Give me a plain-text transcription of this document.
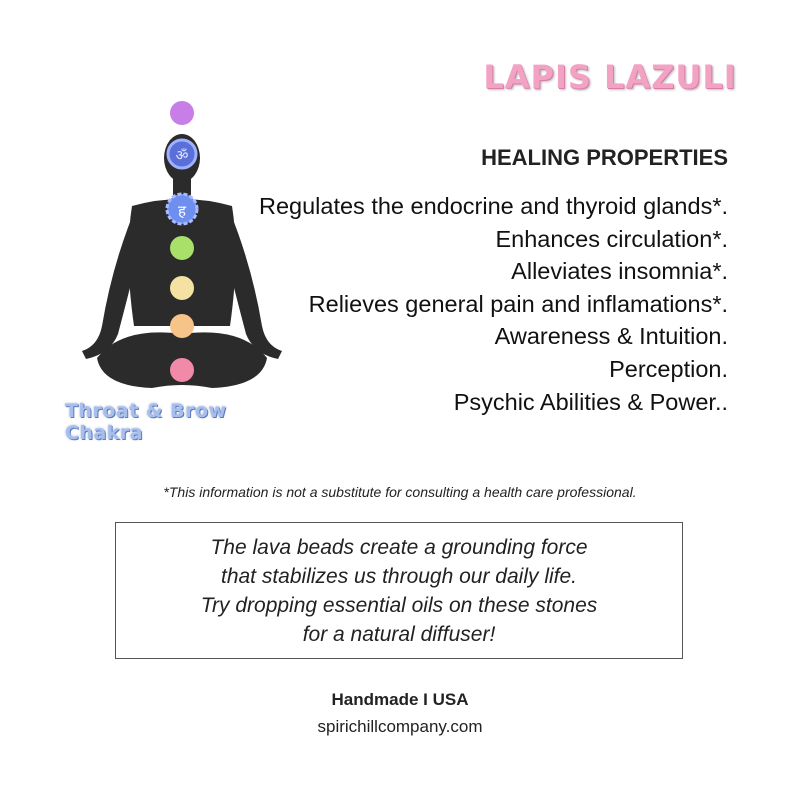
LAPIS LAZULI
ॐ
ह
Throat & Brow Chakra
HEALING PROPERTIES
Regulates the endocrine and thyroid glands*.
Enhances circulation*.
Alleviates insomnia*.
Relieves general pain and inflamations*.
Awareness & Intuition.
Perception.
Psychic Abilities & Power..
*This information is not a substitute for consulting a health care professional.
The lava beads create a grounding force
that stabilizes us through our daily life.
Try dropping essential oils on these stones
for a natural diffuser!
Handmade I USA
spirichillcompany.com
